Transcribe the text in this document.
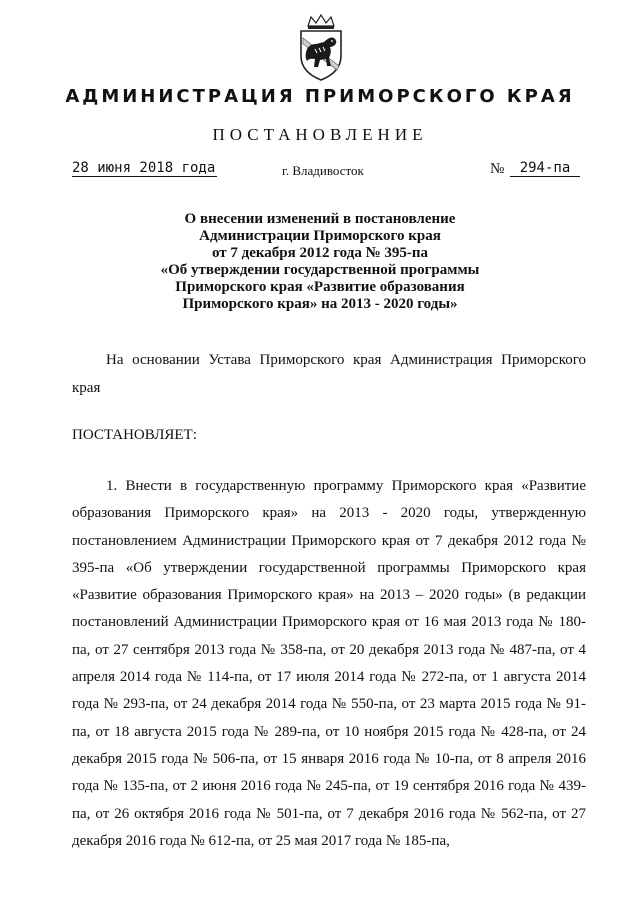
АДМИНИСТРАЦИЯ ПРИМОРСКОГО КРАЯ
ПОСТАНОВЛЕНИЕ
28 июня 2018 года	г. Владивосток	№	294-па
О внесении изменений в постановление
Администрации Приморского края
от 7 декабря 2012 года № 395-па
«Об утверждении государственной программы
Приморского края «Развитие образования
Приморского края» на 2013 - 2020 годы»
На основании Устава Приморского края Администрация Приморского края
ПОСТАНОВЛЯЕТ:

1. Внести в государственную программу Приморского края «Развитие образования Приморского края» на 2013 - 2020 годы, утвержденную постановлением Администрации Приморского края от 7 декабря 2012 года № 395-па «Об утверждении государственной программы Приморского края «Развитие образования Приморского края» на 2013 – 2020 годы» (в редакции постановлений Администрации Приморского края от 16 мая 2013 года № 180-па, от 27 сентября 2013 года № 358-па, от 20 декабря 2013 года № 487-па, от 4 апреля 2014 года № 114-па, от 17 июля 2014 года № 272-па, от 1 августа 2014 года № 293-па, от 24 декабря 2014 года № 550-па, от 23 марта 2015 года № 91-па, от 18 августа 2015 года № 289-па, от 10 ноября 2015 года № 428-па, от 24 декабря 2015 года № 506-па, от 15 января 2016 года № 10-па, от 8 апреля 2016 года № 135-па, от 2 июня 2016 года № 245-па, от 19 сентября 2016 года № 439-па, от 26 октября 2016 года № 501-па, от 7 декабря 2016 года № 562-па, от 27 декабря 2016 года № 612-па, от 25 мая 2017 года № 185-па,
